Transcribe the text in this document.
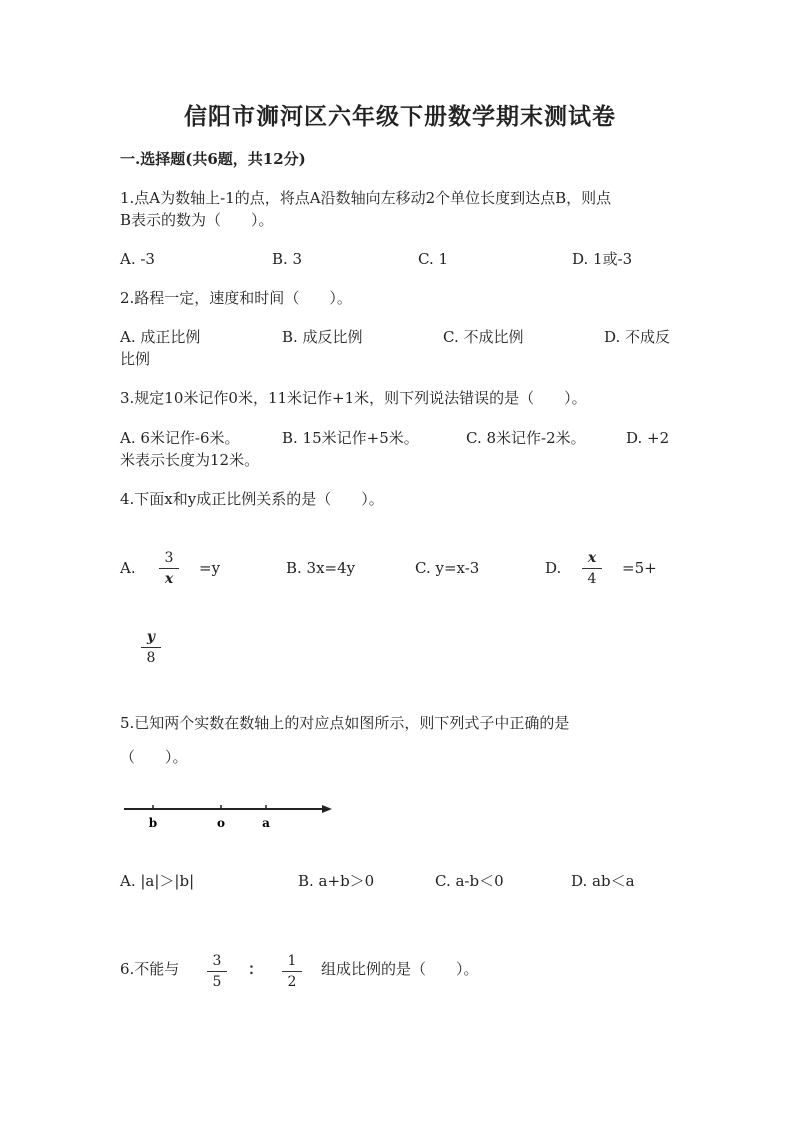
信阳市浉河区六年级下册数学期末测试卷
一.选择题(共6题，共12分)
1.点A为数轴上-1的点，将点A沿数轴向左移动2个单位长度到达点B，则点
B表示的数为（　　）。
A. -3	B. 3	C. 1	D. 1或-3
2.路程一定，速度和时间（　　）。
A. 成正比例	B. 成反比例	C. 不成比例	D. 不成反
比例
3.规定10米记作0米，11米记作+1米，则下列说法错误的是（　　）。
A. 6米记作-6米。	B. 15米记作+5米。	C. 8米记作-2米。	D. +2
米表示长度为12米。
4.下面x和y成正比例关系的是（　　）。
A.
3
x
=y	B. 3x=4y	C. y=x-3	D.
x
4
=5+
y
8
5.已知两个实数在数轴上的对应点如图所示，则下列式子中正确的是
（　　）。
b	o	a
A. |a|＞|b|	B. a+b＞0	C. a-b＜0	D. ab＜a
6.不能与	3
5
：	1
2
组成比例的是（　　）。
